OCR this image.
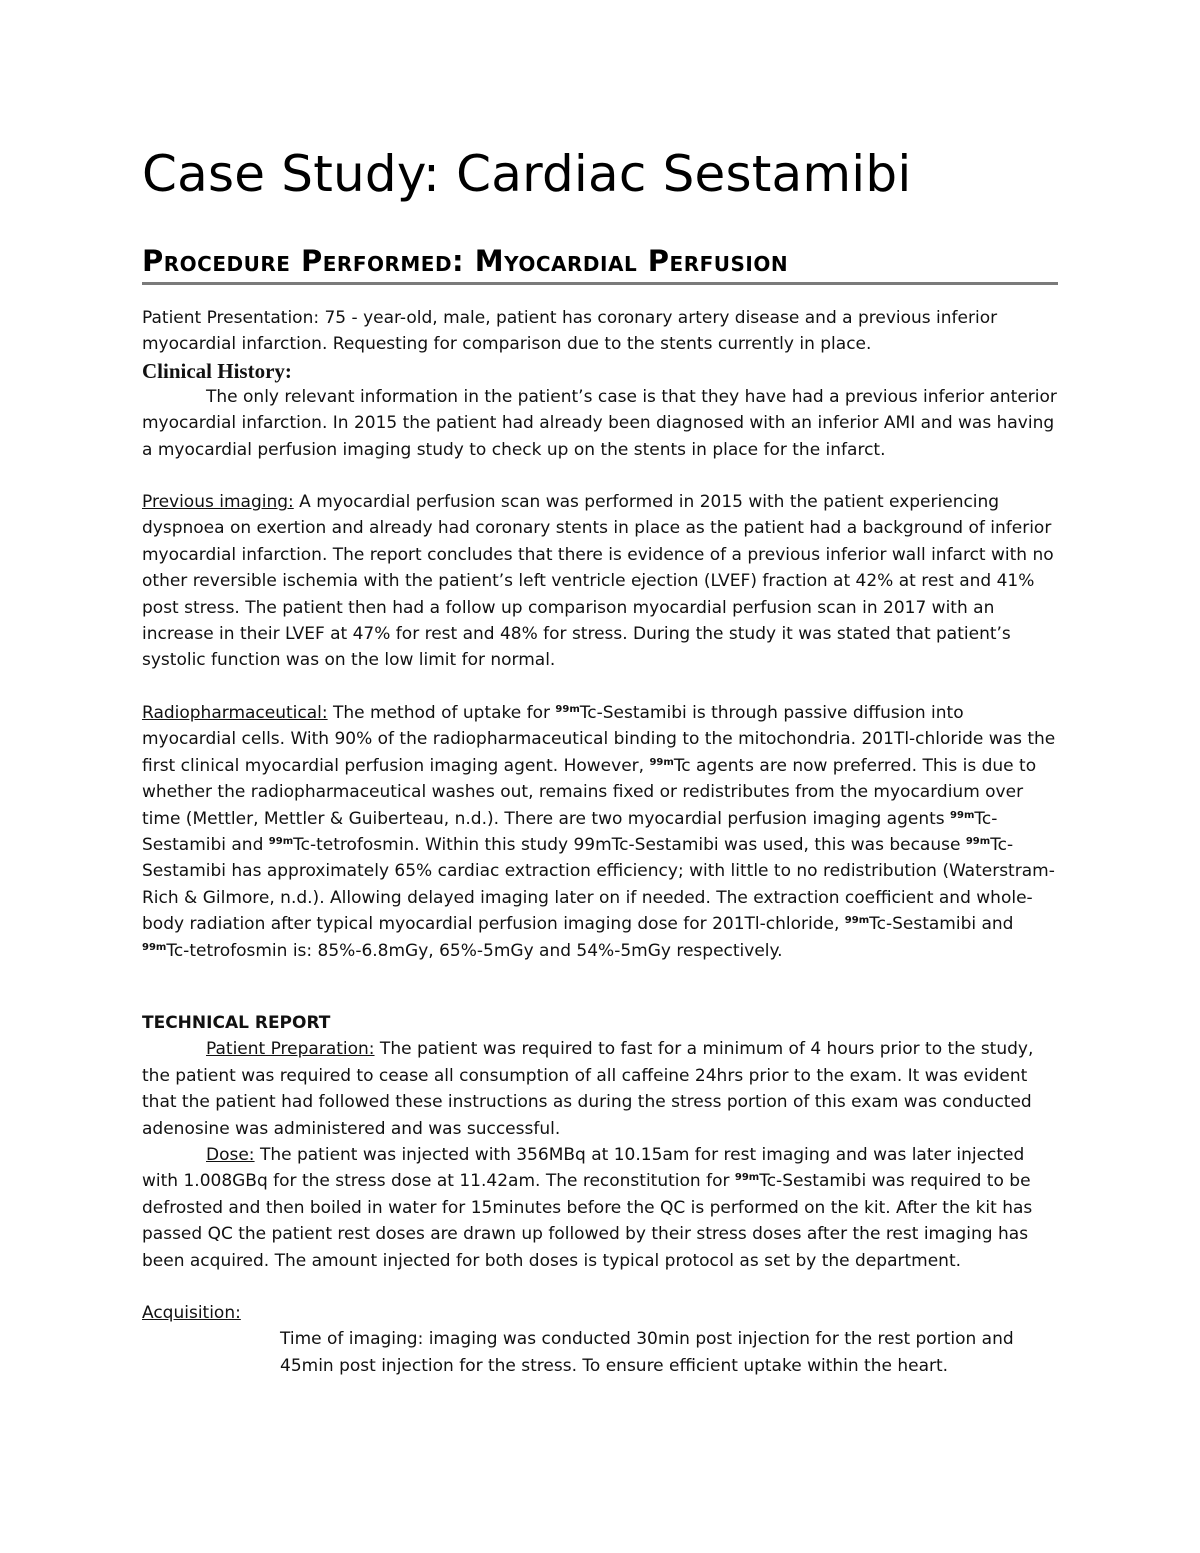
Case Study: Cardiac Sestamibi
Procedure Performed: Myocardial Perfusion

Patient Presentation: 75 - year-old, male, patient has coronary artery disease and a previous inferior
myocardial infarction. Requesting for comparison due to the stents currently in place.

Clinical History:

The only relevant information in the patient’s case is that they have had a previous inferior anterior myocardial infarction. In 2015 the patient had already been diagnosed with an inferior AMI and was having a myocardial perfusion imaging study to check up on the stents in place for the infarct.

Previous imaging: A myocardial perfusion scan was performed in 2015 with the patient experiencing dyspnoea on exertion and already had coronary stents in place as the patient had a background of inferior myocardial infarction. The report concludes that there is evidence of a previous inferior wall infarct with no other reversible ischemia with the patient’s left ventricle ejection (LVEF) fraction at 42% at rest and 41% post stress. The patient then had a follow up comparison myocardial perfusion scan in 2017 with an increase in their LVEF at 47% for rest and 48% for stress. During the study it was stated that patient’s systolic function was on the low limit for normal.

Radiopharmaceutical: The method of uptake for $^{99m}$Tc-Sestamibi is through passive diffusion into myocardial cells. With 90% of the radiopharmaceutical binding to the mitochondria. 201Tl-chloride was the first clinical myocardial perfusion imaging agent. However, $^{99m}$Tc agents are now preferred. This is due to whether the radiopharmaceutical washes out, remains fixed or redistributes from the myocardium over time (Mettler, Mettler & Guiberteau, n.d.). There are two myocardial perfusion imaging agents $^{99m}$Tc-Sestamibi and $^{99m}$Tc-tetrofosmin. Within this study 99mTc-Sestamibi was used, this was because $^{99m}$Tc-Sestamibi has approximately 65% cardiac extraction efficiency; with little to no redistribution (Waterstram-Rich & Gilmore, n.d.). Allowing delayed imaging later on if needed. The extraction coefficient and whole-body radiation after typical myocardial perfusion imaging dose for 201Tl-chloride, $^{99m}$Tc-Sestamibi and $^{99m}$Tc-tetrofosmin is: 85%-6.8mGy, 65%-5mGy and 54%-5mGy respectively.

TECHNICAL REPORT

Patient Preparation: The patient was required to fast for a minimum of 4 hours prior to the study, the patient was required to cease all consumption of all caffeine 24hrs prior to the exam. It was evident that the patient had followed these instructions as during the stress portion of this exam was conducted adenosine was administered and was successful.

Dose: The patient was injected with 356MBq at 10.15am for rest imaging and was later injected with 1.008GBq for the stress dose at 11.42am. The reconstitution for $^{99m}$Tc-Sestamibi was required to be defrosted and then boiled in water for 15minutes before the QC is performed on the kit. After the kit has passed QC the patient rest doses are drawn up followed by their stress doses after the rest imaging has been acquired. The amount injected for both doses is typical protocol as set by the department.

Acquisition:

Time of imaging: imaging was conducted 30min post injection for the rest portion and 45min post injection for the stress. To ensure efficient uptake within the heart.
